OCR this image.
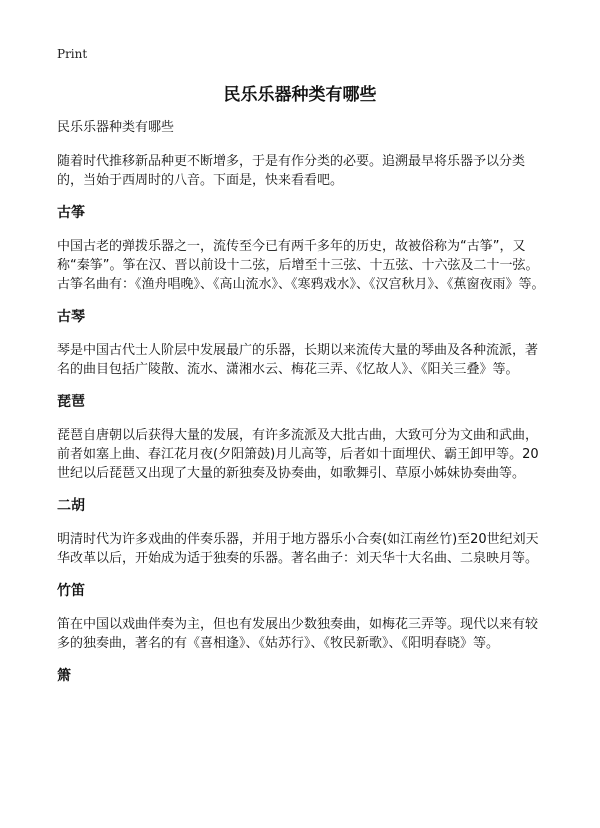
Print
民乐乐器种类有哪些

民乐乐器种类有哪些

随着时代推移新品种更不断增多，于是有作分类的必要。追溯最早将乐器予以分类的，当始于西周时的八音。下面是，快来看看吧。

古筝

中国古老的弹拨乐器之一，流传至今已有两千多年的历史，故被俗称为“古筝”，又称“秦筝”。筝在汉、晋以前设十二弦，后增至十三弦、十五弦、十六弦及二十一弦。古筝名曲有：《渔舟唱晚》、《高山流水》、《寒鸦戏水》、《汉宫秋月》、《蕉窗夜雨》等。

古琴

琴是中国古代士人阶层中发展最广的乐器，长期以来流传大量的琴曲及各种流派，著名的曲目包括广陵散、流水、潇湘水云、梅花三弄、《忆故人》、《阳关三叠》等。

琵琶

琵琶自唐朝以后获得大量的发展，有许多流派及大批古曲，大致可分为文曲和武曲，前者如塞上曲、春江花月夜(夕阳箫鼓)月儿高等，后者如十面埋伏、霸王卸甲等。20世纪以后琵琶又出现了大量的新独奏及协奏曲，如歌舞引、草原小姊妹协奏曲等。

二胡

明清时代为许多戏曲的伴奏乐器，并用于地方器乐小合奏(如江南丝竹)至20世纪刘天华改革以后，开始成为适于独奏的乐器。著名曲子：刘天华十大名曲、二泉映月等。

竹笛

笛在中国以戏曲伴奏为主，但也有发展出少数独奏曲，如梅花三弄等。现代以来有较多的独奏曲，著名的有《喜相逢》、《姑苏行》、《牧民新歌》、《阳明春晓》等。

箫
